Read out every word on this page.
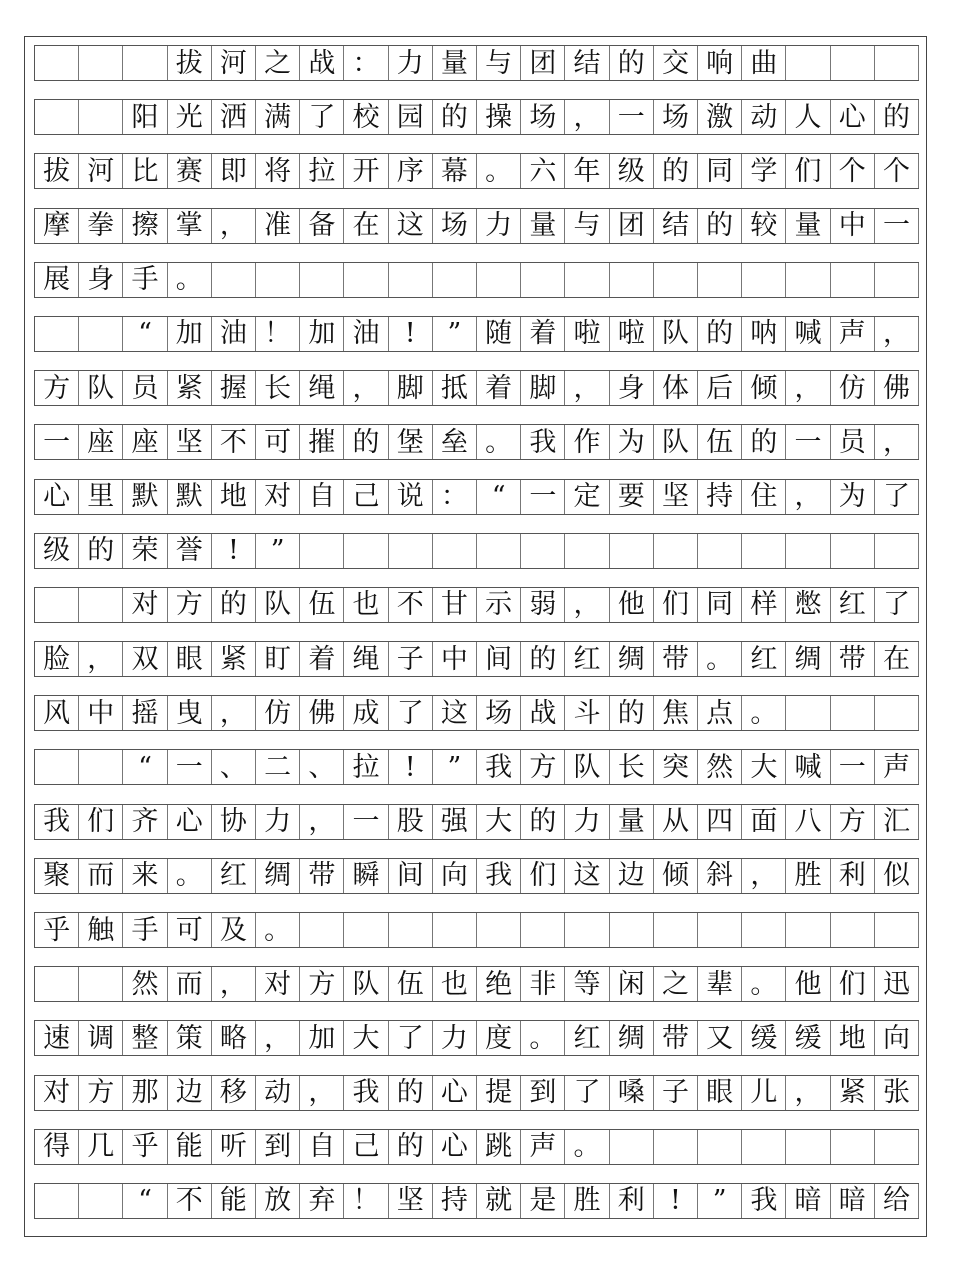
拔 河 之 战 ： 力 量 与 团 结 的 交 响 曲
阳 光 洒 满 了 校 园 的 操 场 ， 一 场 激 动 人 心 的
拔 河 比 赛 即 将 拉 开 序 幕 。 六 年 级 的 同 学 们 个 个
摩 拳 擦 掌 ， 准 备 在 这 场 力 量 与 团 结 的 较 量 中 一
展 身 手 。
“ 加 油 ！ 加 油 !	” 随 着 啦 啦 队 的 呐 喊 声 ，
方 队 员 紧 握 长 绳 ， 脚 抵 着 脚 ， 身 体 后 倾 ， 仿 佛
一 座 座 坚 不 可 摧 的 堡 垒 。 我 作 为 队 伍 的 一 员 ，
心 里 默 默 地 对 自 己 说 ： “ 一 定 要 坚 持 住 ， 为 了
级 的 荣 誉 !	”
对 方 的 队 伍 也 不 甘 示 弱 ， 他 们 同 样 憋 红 了
脸 ， 双 眼 紧 盯 着 绳 子 中 间 的 红 绸 带 。 红 绸 带 在
风 中 摇 曳 ， 仿 佛 成 了 这 场 战 斗 的 焦 点 。
“ 一 、 二 、 拉 !	” 我 方 队 长 突 然 大 喊 一 声
我 们 齐 心 协 力 ， 一 股 强 大 的 力 量 从 四 面 八 方 汇
聚 而 来 。 红 绸 带 瞬 间 向 我 们 这 边 倾 斜 ， 胜 利 似
乎 触 手 可 及 。
然 而 ， 对 方 队 伍 也 绝 非 等 闲 之 辈 。 他 们 迅
速 调 整 策 略 ， 加 大 了 力 度 。 红 绸 带 又 缓 缓 地 向
对 方 那 边 移 动 ， 我 的 心 提 到 了 嗓 子 眼 儿 ， 紧 张
得 几 乎 能 听 到 自 己 的 心 跳 声 。
“ 不 能 放 弃 ！ 坚 持 就 是 胜 利 !	” 我 暗 暗 给
